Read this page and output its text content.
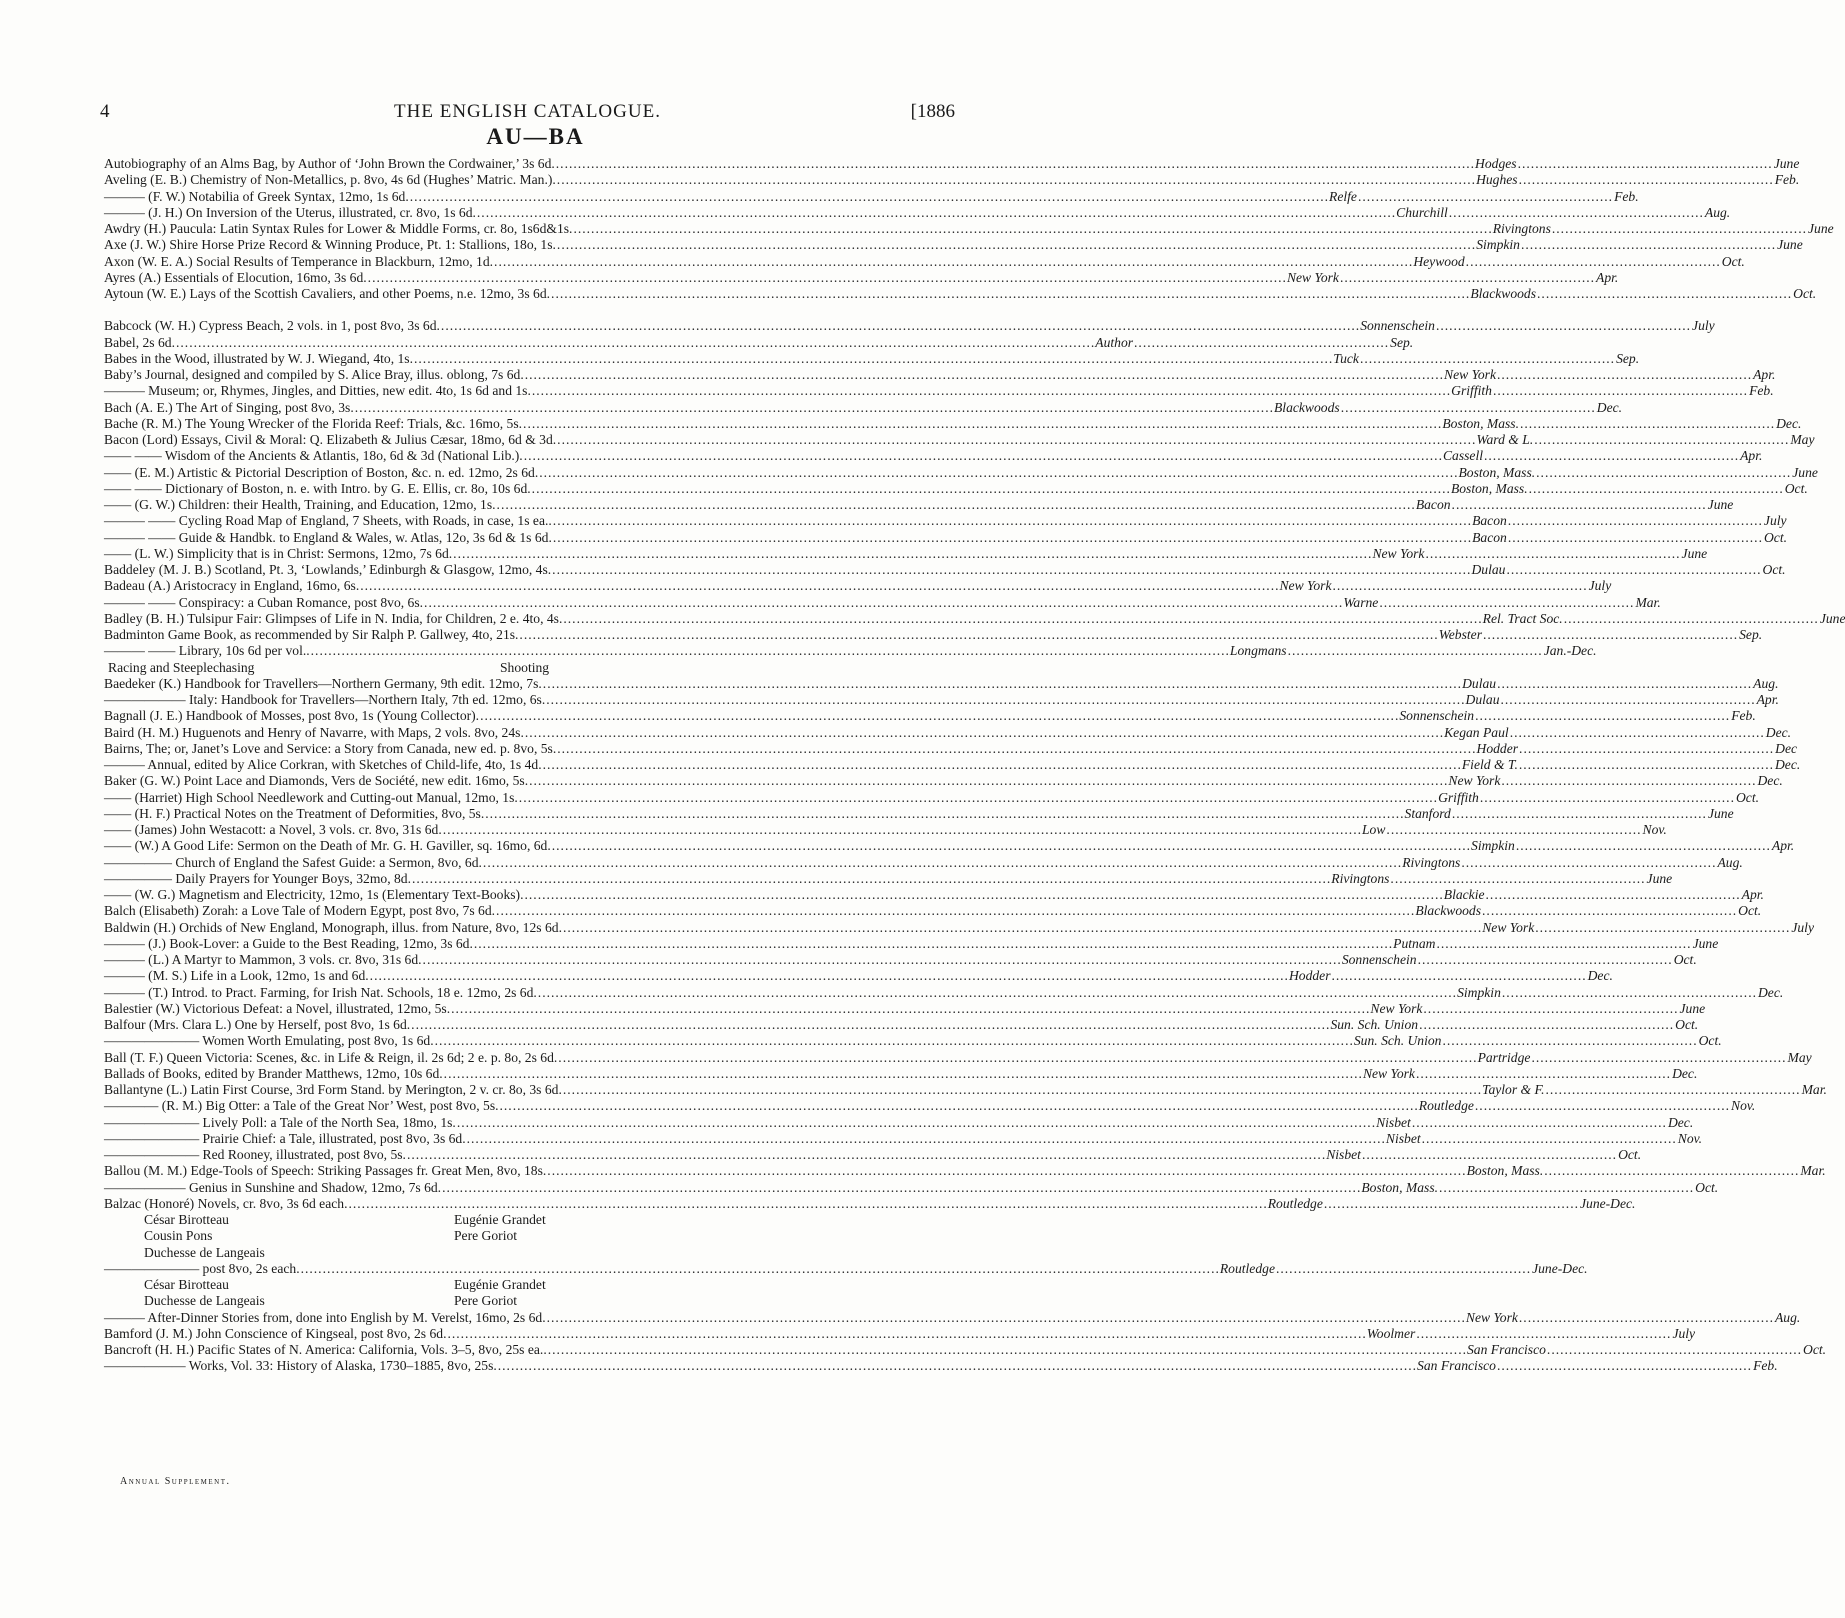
4	THE ENGLISH CATALOGUE.	[1886
AU—BA
Autobiography of an Alms Bag, by Author of ‘John Brown the Cordwainer,’ 3s 6d .....	Hodges .....	June
Aveling (E. B.) Chemistry of Non-Metallics, p. 8vo, 4s 6d (Hughes’ Matric. Man.) .....	Hughes .....	Feb.
——— (F. W.) Notabilia of Greek Syntax, 12mo, 1s 6d .....	Relfe .....	Feb.
——— (J. H.) On Inversion of the Uterus, illustrated, cr. 8vo, 1s 6d .....	Churchill .....	Aug.
Awdry (H.) Paucula: Latin Syntax Rules for Lower & Middle Forms, cr. 8o, 1s6d&1s .....	Rivingtons .....	June
Axe (J. W.) Shire Horse Prize Record & Winning Produce, Pt. 1: Stallions, 18o, 1s .....	Simpkin .....	June
Axon (W. E. A.) Social Results of Temperance in Blackburn, 12mo, 1d .....	Heywood .....	Oct.
Ayres (A.) Essentials of Elocution, 16mo, 3s 6d .....	New York .....	Apr.
Aytoun (W. E.) Lays of the Scottish Cavaliers, and other Poems, n.e. 12mo, 3s 6d .....	Blackwoods .....	Oct.
Babcock (W. H.) Cypress Beach, 2 vols. in 1, post 8vo, 3s 6d .....	Sonnenschein .....	July
Babel, 2s 6d .....	Author .....	Sep.
Babes in the Wood, illustrated by W. J. Wiegand, 4to, 1s .....	Tuck .....	Sep.
Baby’s Journal, designed and compiled by S. Alice Bray, illus. oblong, 7s 6d .....	New York .....	Apr.
——— Museum; or, Rhymes, Jingles, and Ditties, new edit. 4to, 1s 6d and 1s .....	Griffith .....	Feb.
Bach (A. E.) The Art of Singing, post 8vo, 3s .....	Blackwoods .....	Dec.
Bache (R. M.) The Young Wrecker of the Florida Reef: Trials, &c. 16mo, 5s .....	Boston, Mass. .....	Dec.
Bacon (Lord) Essays, Civil & Moral: Q. Elizabeth & Julius Cæsar, 18mo, 6d & 3d .....	Ward & L. .....	May
—— —— Wisdom of the Ancients & Atlantis, 18o, 6d & 3d (National Lib.) .....	Cassell .....	Apr.
—— (E. M.) Artistic & Pictorial Description of Boston, &c. n. ed. 12mo, 2s 6d .....	Boston, Mass. .....	June
—— —— Dictionary of Boston, n. e. with Intro. by G. E. Ellis, cr. 8o, 10s 6d .....	Boston, Mass. .....	Oct.
—— (G. W.) Children: their Health, Training, and Education, 12mo, 1s .....	Bacon .....	June
——— —— Cycling Road Map of England, 7 Sheets, with Roads, in case, 1s ea. .....	Bacon .....	July
——— —— Guide & Handbk. to England & Wales, w. Atlas, 12o, 3s 6d & 1s 6d .....	Bacon .....	Oct.
—— (L. W.) Simplicity that is in Christ: Sermons, 12mo, 7s 6d .....	New York .....	June
Baddeley (M. J. B.) Scotland, Pt. 3, ‘Lowlands,’ Edinburgh & Glasgow, 12mo, 4s .....	Dulau .....	Oct.
Badeau (A.) Aristocracy in England, 16mo, 6s .....	New York .....	July
——— —— Conspiracy: a Cuban Romance, post 8vo, 6s .....	Warne .....	Mar.
Badley (B. H.) Tulsipur Fair: Glimpses of Life in N. India, for Children, 2 e. 4to, 4s .....	Rel. Tract Soc. .....	June
Badminton Game Book, as recommended by Sir Ralph P. Gallwey, 4to, 21s .....	Webster .....	Sep.
——— —— Library, 10s 6d per vol. .....	Longmans .....	Jan.-Dec.
Racing and Steeplechasing	Shooting
Baedeker (K.) Handbook for Travellers—Northern Germany, 9th edit. 12mo, 7s .....	Dulau .....	Aug.
—————— Italy: Handbook for Travellers—Northern Italy, 7th ed. 12mo, 6s .....	Dulau .....	Apr.
Bagnall (J. E.) Handbook of Mosses, post 8vo, 1s (Young Collector) .....	Sonnenschein .....	Feb.
Baird (H. M.) Huguenots and Henry of Navarre, with Maps, 2 vols. 8vo, 24s .....	Kegan Paul .....	Dec.
Bairns, The; or, Janet’s Love and Service: a Story from Canada, new ed. p. 8vo, 5s .....	Hodder .....	Dec
——— Annual, edited by Alice Corkran, with Sketches of Child-life, 4to, 1s 4d .....	Field & T. .....	Dec.
Baker (G. W.) Point Lace and Diamonds, Vers de Société, new edit. 16mo, 5s .....	New York .....	Dec.
—— (Harriet) High School Needlework and Cutting-out Manual, 12mo, 1s .....	Griffith .....	Oct.
—— (H. F.) Practical Notes on the Treatment of Deformities, 8vo, 5s .....	Stanford .....	June
—— (James) John Westacott: a Novel, 3 vols. cr. 8vo, 31s 6d .....	Low .....	Nov.
—— (W.) A Good Life: Sermon on the Death of Mr. G. H. Gaviller, sq. 16mo, 6d .....	Simpkin .....	Apr.
————— Church of England the Safest Guide: a Sermon, 8vo, 6d .....	Rivingtons .....	Aug.
————— Daily Prayers for Younger Boys, 32mo, 8d .....	Rivingtons .....	June
—— (W. G.) Magnetism and Electricity, 12mo, 1s (Elementary Text-Books) .....	Blackie .....	Apr.
Balch (Elisabeth) Zorah: a Love Tale of Modern Egypt, post 8vo, 7s 6d .....	Blackwoods .....	Oct.
Baldwin (H.) Orchids of New England, Monograph, illus. from Nature, 8vo, 12s 6d .....	New York .....	July
——— (J.) Book-Lover: a Guide to the Best Reading, 12mo, 3s 6d .....	Putnam .....	June
——— (L.) A Martyr to Mammon, 3 vols. cr. 8vo, 31s 6d .....	Sonnenschein .....	Oct.
——— (M. S.) Life in a Look, 12mo, 1s and 6d .....	Hodder .....	Dec.
——— (T.) Introd. to Pract. Farming, for Irish Nat. Schools, 18 e. 12mo, 2s 6d .....	Simpkin .....	Dec.
Balestier (W.) Victorious Defeat: a Novel, illustrated, 12mo, 5s .....	New York .....	June
Balfour (Mrs. Clara L.) One by Herself, post 8vo, 1s 6d .....	Sun. Sch. Union .....	Oct.
——————— Women Worth Emulating, post 8vo, 1s 6d .....	Sun. Sch. Union .....	Oct.
Ball (T. F.) Queen Victoria: Scenes, &c. in Life & Reign, il. 2s 6d; 2 e. p. 8o, 2s 6d .....	Partridge .....	May
Ballads of Books, edited by Brander Matthews, 12mo, 10s 6d .....	New York .....	Dec.
Ballantyne (L.) Latin First Course, 3rd Form Stand. by Merington, 2 v. cr. 8o, 3s 6d .....	Taylor & F. .....	Mar.
———— (R. M.) Big Otter: a Tale of the Great Nor’ West, post 8vo, 5s .....	Routledge .....	Nov.
——————— Lively Poll: a Tale of the North Sea, 18mo, 1s .....	Nisbet .....	Dec.
——————— Prairie Chief: a Tale, illustrated, post 8vo, 3s 6d .....	Nisbet .....	Nov.
——————— Red Rooney, illustrated, post 8vo, 5s .....	Nisbet .....	Oct.
Ballou (M. M.) Edge-Tools of Speech: Striking Passages fr. Great Men, 8vo, 18s .....	Boston, Mass. .....	Mar.
—————— Genius in Sunshine and Shadow, 12mo, 7s 6d .....	Boston, Mass. .....	Oct.
Balzac (Honoré) Novels, cr. 8vo, 3s 6d each .....	Routledge .....	June-Dec.
César Birotteau	Eugénie Grandet
Cousin Pons	Pere Goriot
Duchesse de Langeais
——————— post 8vo, 2s each .....	Routledge .....	June-Dec.
César Birotteau	Eugénie Grandet
Duchesse de Langeais	Pere Goriot
——— After-Dinner Stories from, done into English by M. Verelst, 16mo, 2s 6d .....	New York .....	Aug.
Bamford (J. M.) John Conscience of Kingseal, post 8vo, 2s 6d .....	Woolmer .....	July
Bancroft (H. H.) Pacific States of N. America: California, Vols. 3–5, 8vo, 25s ea. .....	San Francisco .....	Oct.
—————— Works, Vol. 33: History of Alaska, 1730–1885, 8vo, 25s .....	San Francisco .....	Feb.
Annual Supplement.
